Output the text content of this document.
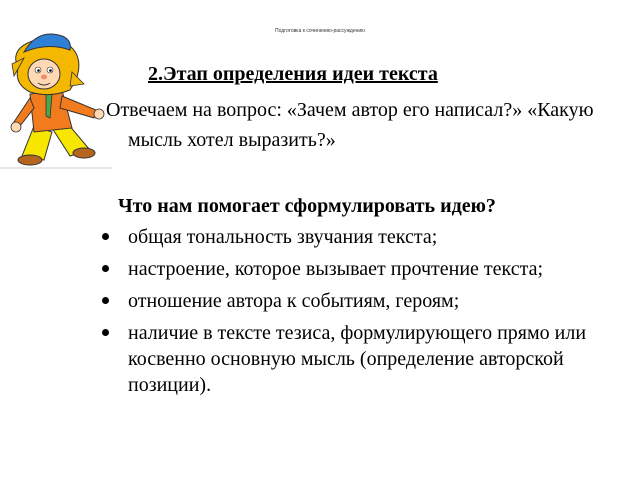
Подготовка к сочинению-рассуждению
2.Этап определения идеи текста
Отвечаем на вопрос: «Зачем автор его написал?» «Какую мысль хотел выразить?»
Что нам помогает сформулировать идею?
общая тональность звучания текста;
настроение, которое вызывает прочтение текста;
отношение автора к событиям, героям;
наличие в тексте тезиса, формулирующего прямо или косвенно основную мысль (определение авторской позиции).
